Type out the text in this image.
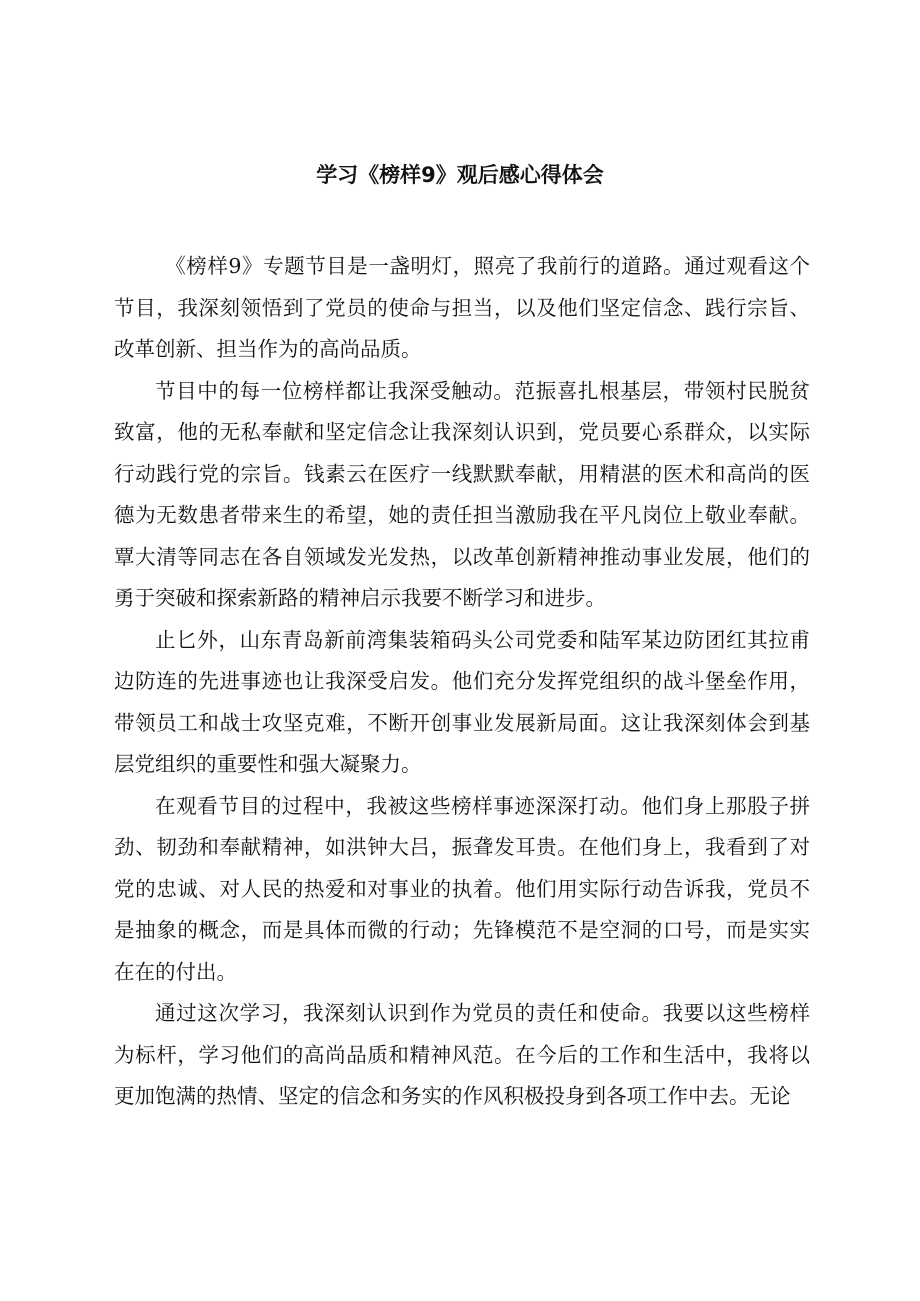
学习《榜样9》观后感心得体会

《榜样9》专题节目是一盏明灯，照亮了我前行的道路。通过观看这个节目，我深刻领悟到了党员的使命与担当，以及他们坚定信念、践行宗旨、改革创新、担当作为的高尚品质。

节目中的每一位榜样都让我深受触动。范振喜扎根基层，带领村民脱贫致富，他的无私奉献和坚定信念让我深刻认识到，党员要心系群众，以实际行动践行党的宗旨。钱素云在医疗一线默默奉献，用精湛的医术和高尚的医德为无数患者带来生的希望，她的责任担当激励我在平凡岗位上敬业奉献。覃大清等同志在各自领域发光发热，以改革创新精神推动事业发展，他们的勇于突破和探索新路的精神启示我要不断学习和进步。

止匕外，山东青岛新前湾集装箱码头公司党委和陆军某边防团红其拉甫边防连的先进事迹也让我深受启发。他们充分发挥党组织的战斗堡垒作用，带领员工和战士攻坚克难，不断开创事业发展新局面。这让我深刻体会到基层党组织的重要性和强大凝聚力。

在观看节目的过程中，我被这些榜样事迹深深打动。他们身上那股子拼劲、韧劲和奉献精神，如洪钟大吕，振聋发耳贵。在他们身上，我看到了对党的忠诚、对人民的热爱和对事业的执着。他们用实际行动告诉我，党员不是抽象的概念，而是具体而微的行动；先锋模范不是空洞的口号，而是实实在在的付出。

通过这次学习，我深刻认识到作为党员的责任和使命。我要以这些榜样为标杆，学习他们的高尚品质和精神风范。在今后的工作和生活中，我将以更加饱满的热情、坚定的信念和务实的作风积极投身到各项工作中去。无论
